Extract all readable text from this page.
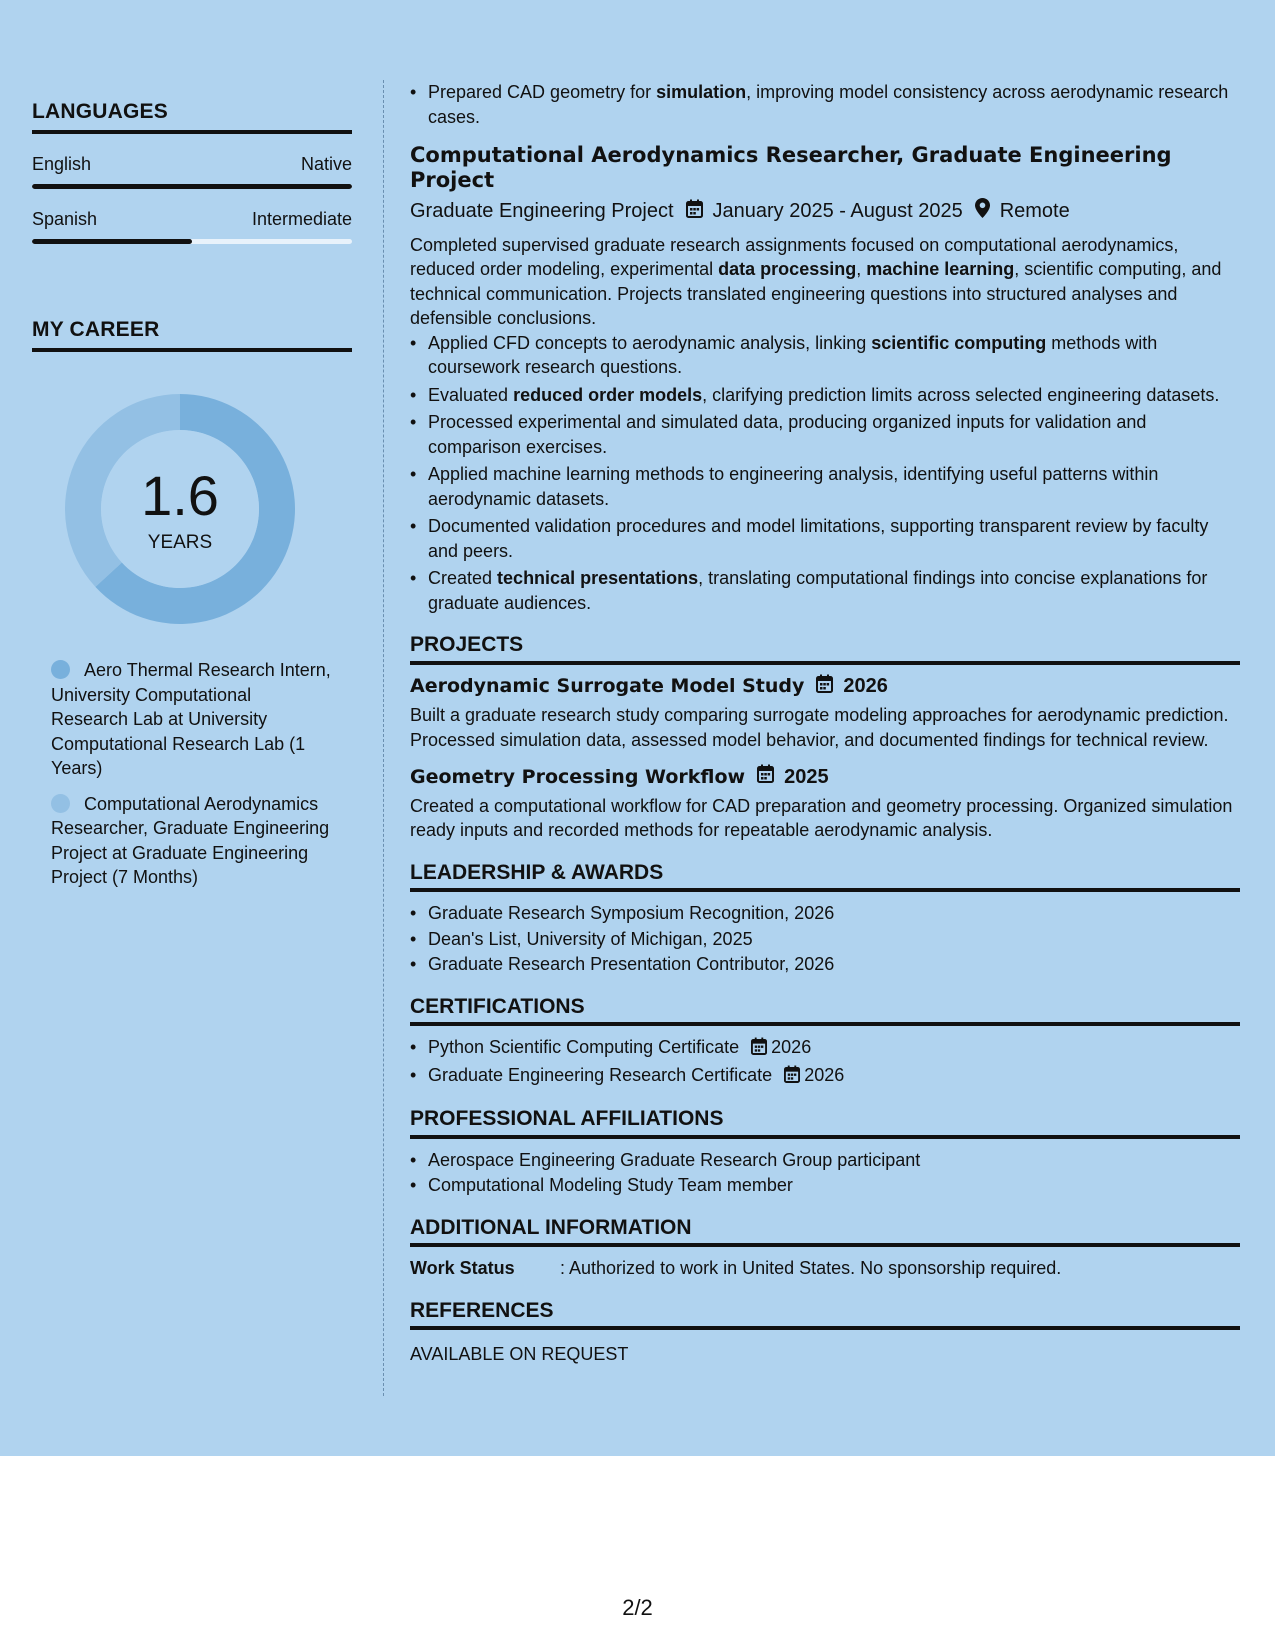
LANGUAGES
English	Native
Spanish	Intermediate
MY CAREER
1.6
YEARS
Aero Thermal Research Intern, University Computational Research Lab at University Computational Research Lab (1 Years)
Computational Aerodynamics Researcher, Graduate Engineering Project at Graduate Engineering Project (7 Months)
• Prepared CAD geometry for simulation, improving model consistency across aerodynamic research cases.
Computational Aerodynamics Researcher, Graduate Engineering Project
Graduate Engineering Project January 2025 - August 2025 Remote
Completed supervised graduate research assignments focused on computational aerodynamics, reduced order modeling, experimental data processing, machine learning, scientific computing, and technical communication. Projects translated engineering questions into structured analyses and defensible conclusions.
• Applied CFD concepts to aerodynamic analysis, linking scientific computing methods with coursework research questions.
• Evaluated reduced order models, clarifying prediction limits across selected engineering datasets.
• Processed experimental and simulated data, producing organized inputs for validation and comparison exercises.
• Applied machine learning methods to engineering analysis, identifying useful patterns within aerodynamic datasets.
• Documented validation procedures and model limitations, supporting transparent review by faculty and peers.
• Created technical presentations, translating computational findings into concise explanations for graduate audiences.
PROJECTS
Aerodynamic Surrogate Model Study 2026
Built a graduate research study comparing surrogate modeling approaches for aerodynamic prediction. Processed simulation data, assessed model behavior, and documented findings for technical review.
Geometry Processing Workflow 2025
Created a computational workflow for CAD preparation and geometry processing. Organized simulation ready inputs and recorded methods for repeatable aerodynamic analysis.
LEADERSHIP & AWARDS
• Graduate Research Symposium Recognition, 2026
• Dean's List, University of Michigan, 2025
• Graduate Research Presentation Contributor, 2026
CERTIFICATIONS
• Python Scientific Computing Certificate 2026
• Graduate Engineering Research Certificate 2026
PROFESSIONAL AFFILIATIONS
• Aerospace Engineering Graduate Research Group participant
• Computational Modeling Study Team member
ADDITIONAL INFORMATION
Work Status	: Authorized to work in United States. No sponsorship required.
REFERENCES
AVAILABLE ON REQUEST
2/2
